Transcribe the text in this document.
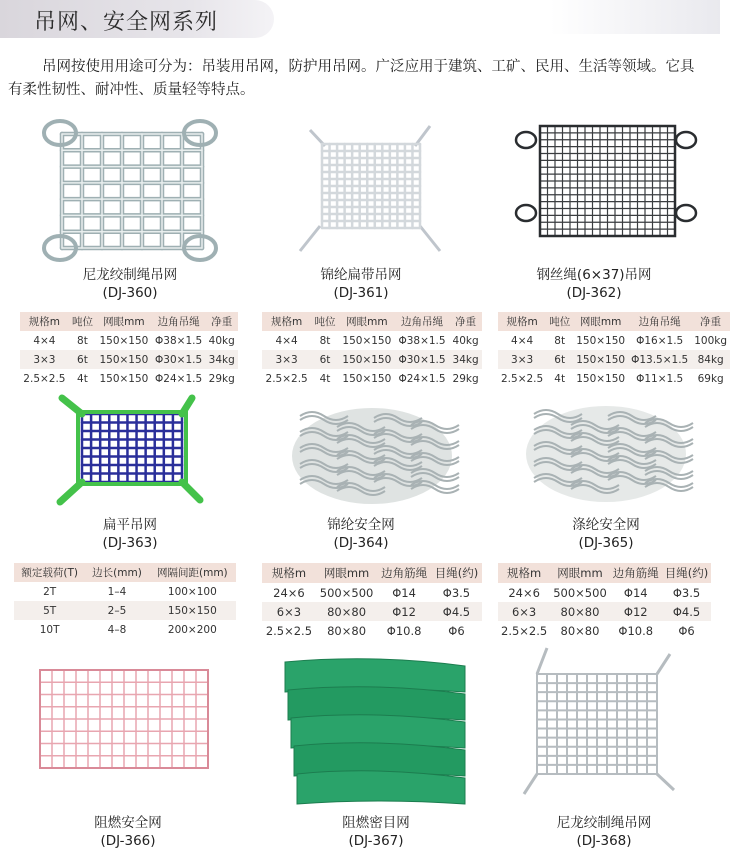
吊网、安全网系列
吊网按使用用途可分为：吊装用吊网，防护用吊网。广泛应用于建筑、工矿、民用、生活等领域。它具有柔性韧性、耐冲性、质量轻等特点。
尼龙绞制绳吊网
(DJ-360)
锦纶扁带吊网
(DJ-361)
钢丝绳(6×37)吊网
(DJ-362)
规格m	吨位	网眼mm	边角吊绳	净重
4×4	8t	150×150	Φ38×1.5	40kg
3×3	6t	150×150	Φ30×1.5	34kg
2.5×2.5	4t	150×150	Φ24×1.5	29kg
规格m	吨位	网眼mm	边角吊绳	净重
4×4	8t	150×150	Φ38×1.5	40kg
3×3	6t	150×150	Φ30×1.5	34kg
2.5×2.5	4t	150×150	Φ24×1.5	29kg
规格m	吨位	网眼mm	边角吊绳	净重
4×4	8t	150×150	Φ16×1.5	100kg
3×3	6t	150×150	Φ13.5×1.5	84kg
2.5×2.5	4t	150×150	Φ11×1.5	69kg
扁平吊网
(DJ-363)
锦纶安全网
(DJ-364)
涤纶安全网
(DJ-365)
额定载荷(T)	边长(mm)	网隔间距(mm)
2T	1–4	100×100
5T	2–5	150×150
10T	4–8	200×200
规格m	网眼mm	边角筋绳	目绳(约)
24×6	500×500	Φ14	Φ3.5
6×3	80×80	Φ12	Φ4.5
2.5×2.5	80×80	Φ10.8	Φ6
规格m	网眼mm	边角筋绳	目绳(约)
24×6	500×500	Φ14	Φ3.5
6×3	80×80	Φ12	Φ4.5
2.5×2.5	80×80	Φ10.8	Φ6
阻燃安全网
(DJ-366)
阻燃密目网
(DJ-367)
尼龙绞制绳吊网
(DJ-368)
